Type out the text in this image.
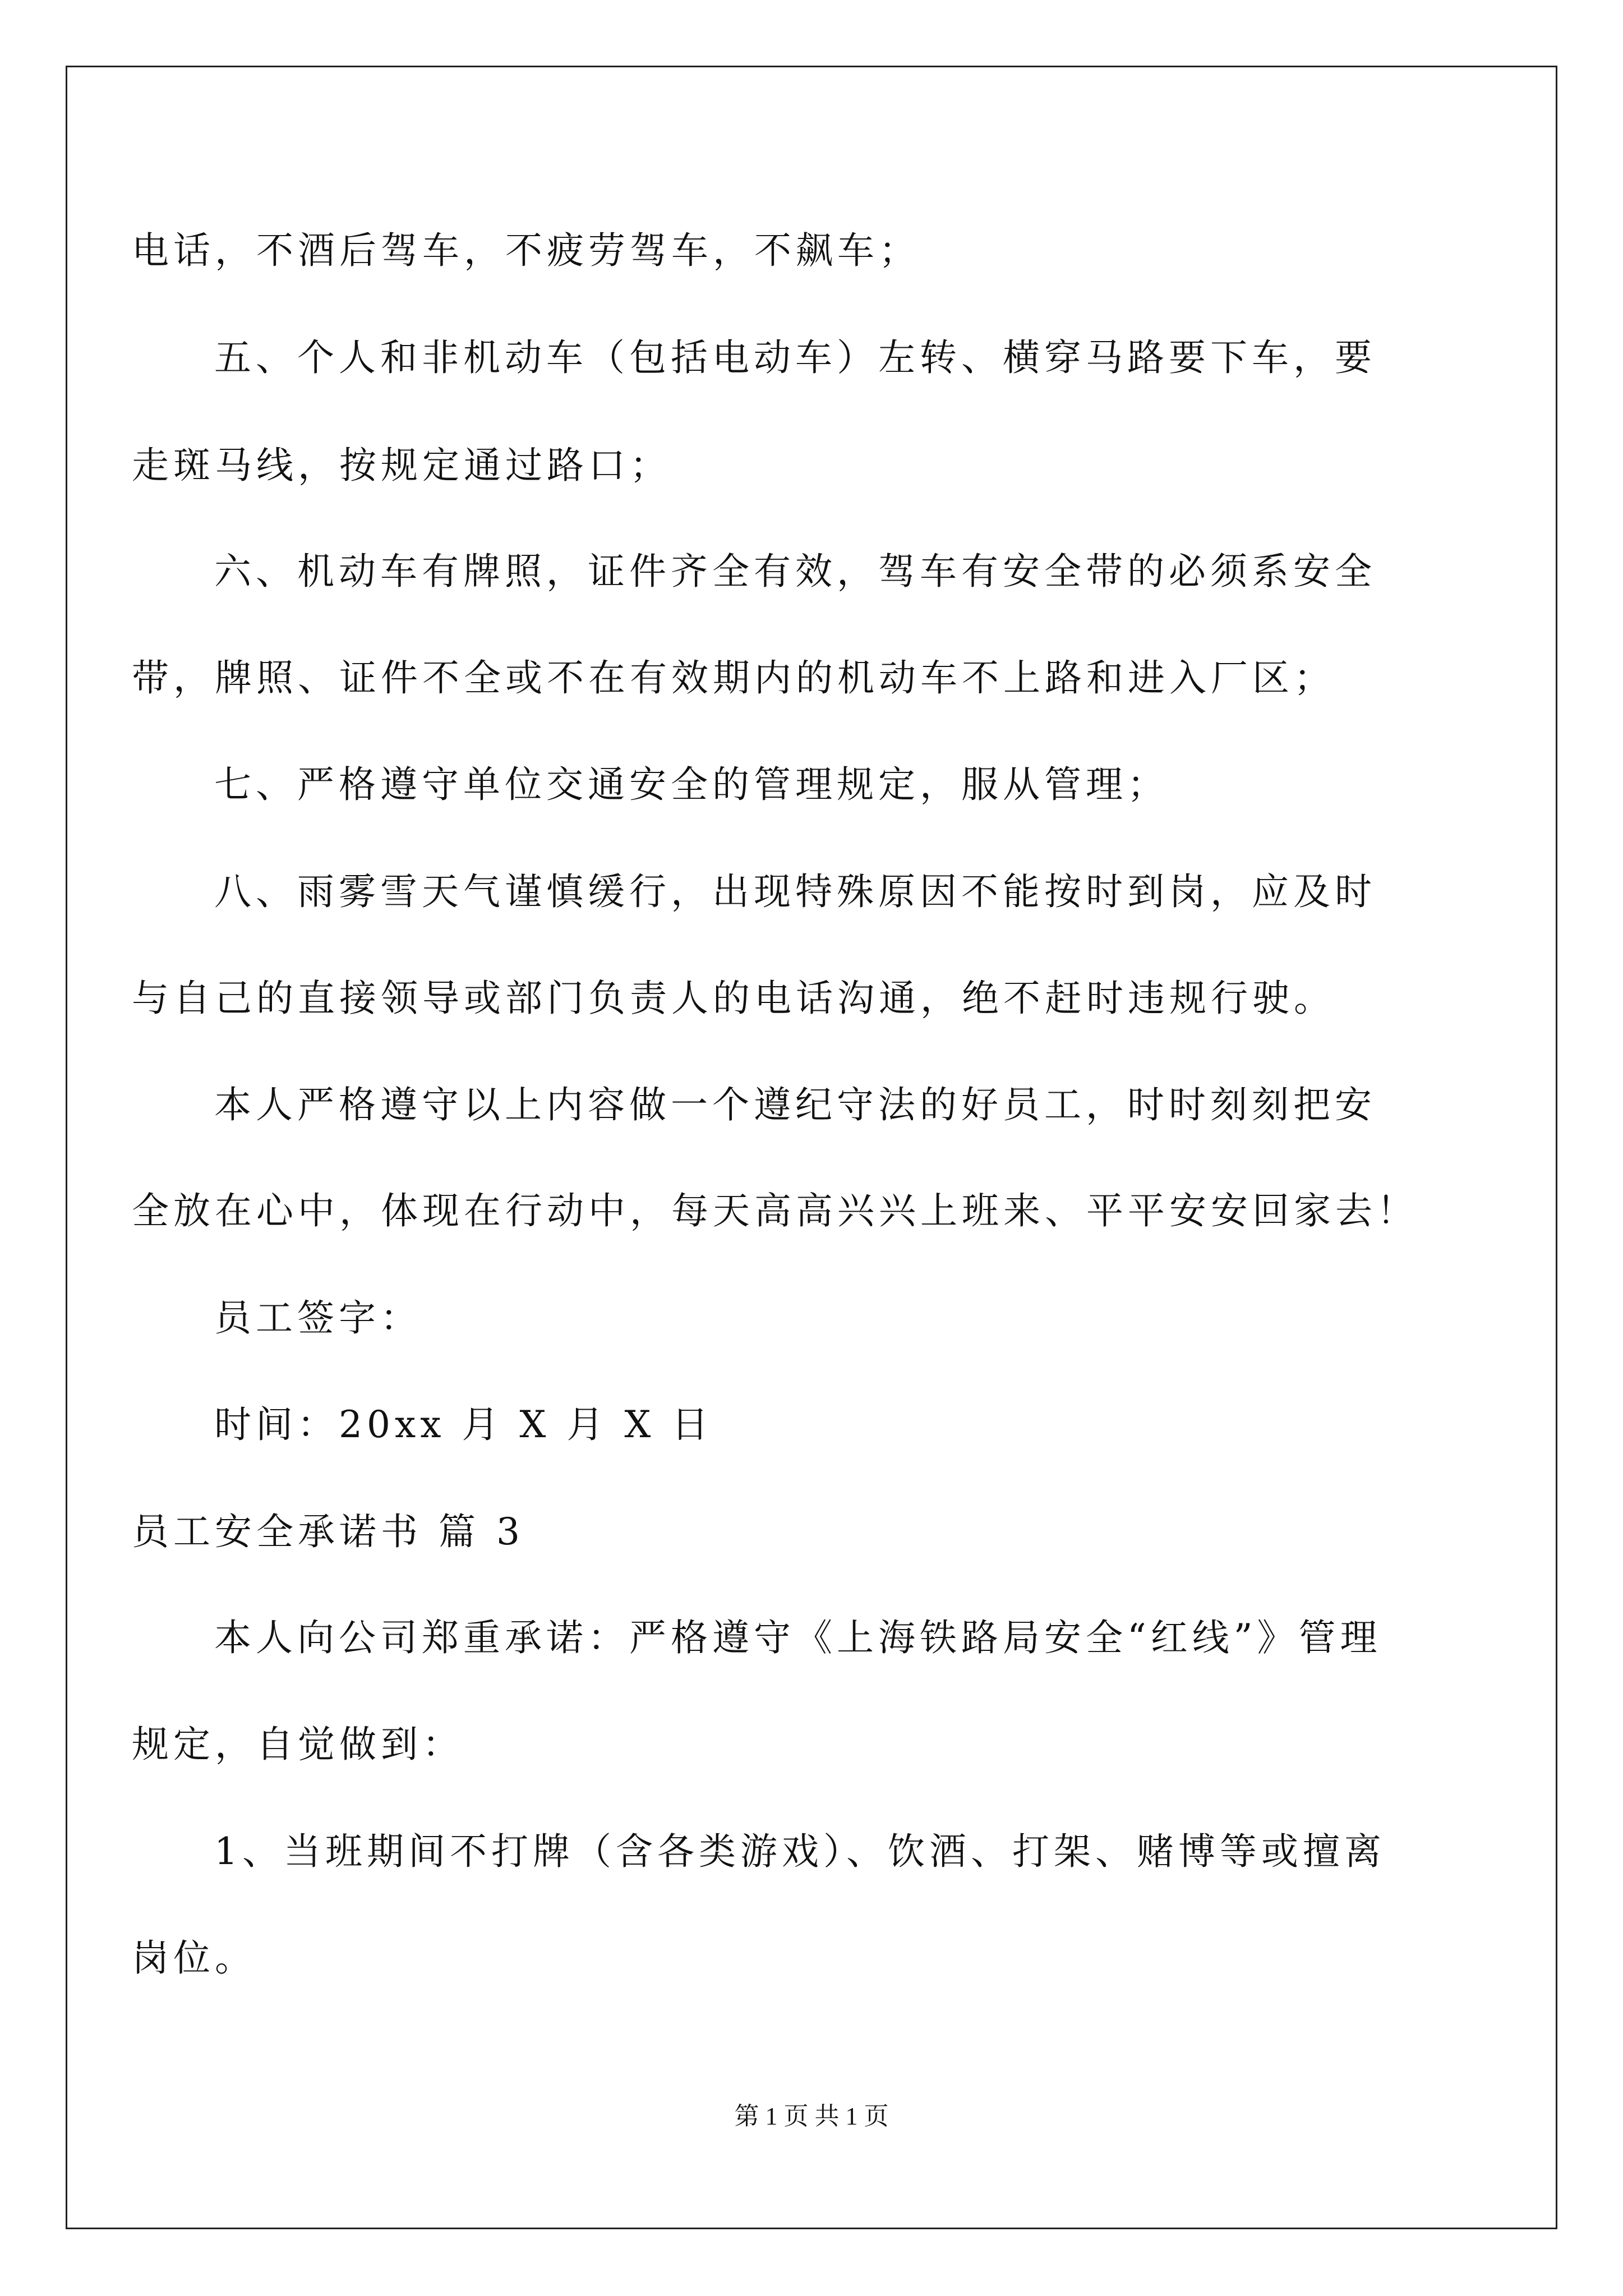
电话，不酒后驾车，不疲劳驾车，不飙车；
五、个人和非机动车（包括电动车）左转、横穿马路要下车，要
走斑马线，按规定通过路口；
六、机动车有牌照，证件齐全有效，驾车有安全带的必须系安全
带，牌照、证件不全或不在有效期内的机动车不上路和进入厂区；
七、严格遵守单位交通安全的管理规定，服从管理；
八、雨雾雪天气谨慎缓行，出现特殊原因不能按时到岗，应及时
与自己的直接领导或部门负责人的电话沟通，绝不赶时违规行驶。
本人严格遵守以上内容做一个遵纪守法的好员工，时时刻刻把安
全放在心中，体现在行动中，每天高高兴兴上班来、平平安安回家去！
员工签字：
时间：20xx 月 X 月 X 日
员工安全承诺书 篇 3
本人向公司郑重承诺：严格遵守《上海铁路局安全“红线”》管理
规定，自觉做到：
1、当班期间不打牌（含各类游戏）、饮酒、打架、赌博等或擅离
岗位。
第 1 页 共 1 页
